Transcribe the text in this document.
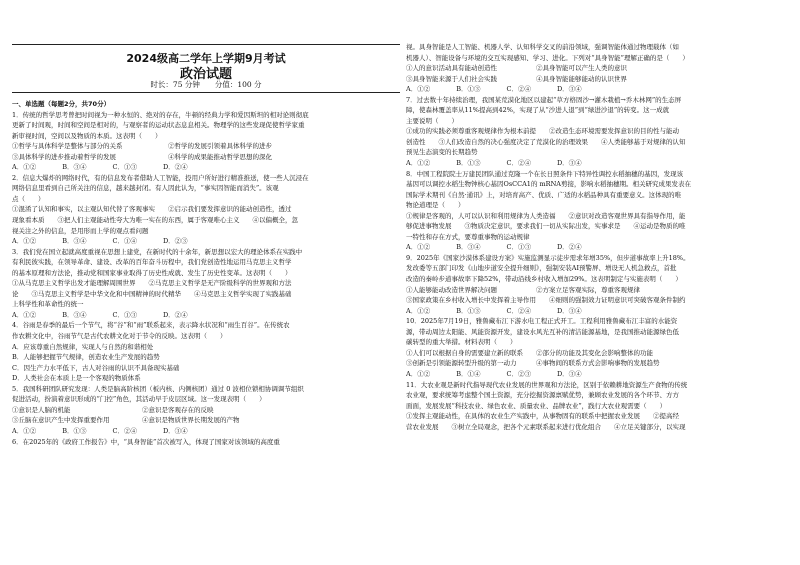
2024级高二学年上学期9月考试
政治试题
时长：75 分钟　　分值：100 分

一、单选题（每题2分，共70分）

1．传统的哲学思考曾把时间视为一种水恒的、绝对的存在，牛顿的经典力学和爱因斯坦的相对论则彻底

更新了时间观，时间和空间是相对的，与观察者的运动状态息息相关。物理学的这些发现促使哲学家重

新审视时间，空间以及物质的本质。这表明（　　）

①哲学与具体科学是整体与部分的关系　　　　　　　②哲学的发展引领着具体科学的进步

③具体科学的进步推动着哲学的发展　　　　　　　　④科学的成果能推动哲学思想的深化

A．①②　　　　B．③④　　　　C．①③　　　　D．②④

2．信息大爆炸的网络时代，有的信息发布者借助人工智能，投用户所好进行精准推送，使一些人沉浸在

网络信息里看到自己所关注的信息，越来越封闭。有人因此认为，“事实因智能而消失”。该观

点（　　）

①混淆了认知和事实，以主观认知代替了客观事实　　②启示我们要发挥意识的能动创造性，透过

现象看本质　　③把人们主观能动性夸大为唯一实在的东西，属于客观唯心主义　　④以偏概全，忽

视关注之外的信息，是用形而上学的观点看问题

A．①②　　　　B．③④　　　　C．①④　　　　D．②③

3．我们党在国立起就高度重视在思想上建党，在新时代的十余年，新思想以宏大的理论体系在实践中

有利民彼实践，在领导革命、建设、改革的百年奋斗历程中，我们党创造性地运用马克思主义哲学

的基本原理和方法论，推动党和国家事业取得了历史性成就、发生了历史性变革。这表明（　　）

①从马克思主义哲学出发才能理解周围世界　　②马克思主义哲学是无产阶级科学的世界观和方法

论　　③马克思主义哲学是中华文化和中国精神的时代精华　　④马克思主义哲学实现了实践基础

上科学性和革命性的统一

A．①②　　　　B．③④　　　　C．①③　　　　D．②④

4．谷雨是春季的最后一个节气，将“谷”和“雨”联系起来，表示降水状况和“雨生百谷”。在传统农

作农耕文化中，谷雨节气是古代农耕文化对于节令的反映。这表明（　　）

A．应该尊重自然规律，实现人与自然的和谐相处

B．人能够把握节气规律，创造农业生产发展的趋势

C．因生产力水平低下，古人对谷雨的认识不具备现实基础

D．人类社会在本质上是一个客观的物质体系

5．我国科研团队研究发现：人类是脑高阶核团（板内核、内侧核团）通过 0 波相位锁相协调调节组织

促进活动，扮演着意识形成的“门控”角色，其活动早于皮层区域。这一发现表明（　　）

①意识是人脑的机能　　　　　　　　　　　②意识是客观存在的反映

③丘脑在意识产生中发挥重要作用　　　　　④意识是物质世界长期发展的产物

A．①②　　　　B．①③　　　　C．②④　　　　D．③④

6．在2025年的《政府工作报告》中，“具身智能”首次被写入，体现了国家对该领域的高度重

视。具身智能是人工智能、机器人学、认知科学交叉的前沿领域，强调智能体通过物理载体（如

机器人）、智能设备与环境的交互实现感知、学习、进化。下列对“具身智能”理解正确的是（　　）

①人的意识活动具有能动创造性　　　　　　②具身智能可以产生人类的意识

③具身智能来源于人们社会实践　　　　　　④具身智能能够能动的认识世界

A．①②　　　　B．①③　　　　C．②④　　　　D．③④

7．过去数十年持续治理，我国某荒漠化地区以建起“草方格固沙→灌木栽植→乔木林网”的生态屏

障，使森林覆盖率从11%提高到42%，实现了从“沙进人退”到“绿进沙退”的转变。这一成就

主要说明（　　）

①成功的实践必须尊重客观规律作为根本前提　　②改造生态环境需要发挥意识的目的性与能动

创造性　　③人们改造自然的决心强度决定了荒漠化的治理效果　　④人类能够基于对规律的认知

预见生态演变的长期趋势

A．①②　　　　B．①③　　　　C．②④　　　　D．③④

8．中国工程院院士万建民团队通过克隆一个在长日照条件下特异性调控水稻抽穗的基因，发现该

基因可以调控水稻生物钟核心基因OsCCA1的 mRNA剪接，影响水稻抽穗期。相关研究成果发表在

国际学术期刊《自然·通讯》上，对培育高产、优质、广适的水稻品种具有重要意义。这体现的唯

物论道理是（　　）

①规律是客观的，人可以认识和利用规律为人类造福　　②意识对改造客观世界具有指导作用，能

够促进事物发展　　③物质决定意识，要求我们一切从实际出发，实事求是　　④运动是物质的唯

一特性和存在方式，要尊重事物的运动规律

A．①②　　　　B．③④　　　　C．①③　　　　D．②④

9．2025年《国家沙漠体系建设方案》实施监测显示徒步需求年增35%，但步道事故率上升18%。

发改委等五部门印发《山地步道安全提升细则》，强制安装AI预警屏、增设无人机急救点，首批

改造的秦岭步道事故率下降52%，带动沿线乡村收入增加29%。这表明制定与实施表明（　　）

①人能够能动改造世界解决问题　　　　　　②方案立足客观实际，尊重客观规律

③国家政策在乡村收入增长中发挥着主导作用　　④细则的强制效力证明意识可突破客观条件制约

A．①②　　　　B．①③　　　　C．②④　　　　D．③④

10．2025年7月19日，雅鲁藏布江下游水电工程正式开工。工程利用雅鲁藏布江丰富的水能资

源，带动周边太阳能、风能资源开发，建设水风光互补的清洁能源基地，是我国推动能源绿色低

碳转型的重大举措。材料表明（　　）

①人们可以根据自身的需要建立新的联系　　②部分的功能及其变化会影响整体的功能

③创新是引领能源转型升级的第一动力　　　④事物间的联系方式会影响事物的发展趋势

A．①②　　　　B．①④　　　　C．②③　　　　D．③④

11．大农业观是新时代指导现代农业发展的世界观和方法论，区别于依赖耕地资源生产食物的传统

农业观，要求统筹考虑整个国土资源，充分挖掘资源禀赋优势，兼顾农业发展的各个环节、方方

面面，发展发展“科技农业、绿色农业、质量农业、品牌农业”，践行大农业观需要（　　）

①发挥主观能动性，在具体的农业生产实践中，从事物固有的联系中把握农业发展　　②提高经

营农业发展　　③树立全局观念，把各个元素联系起来进行优化组合　　④立足关键部分，以实现
